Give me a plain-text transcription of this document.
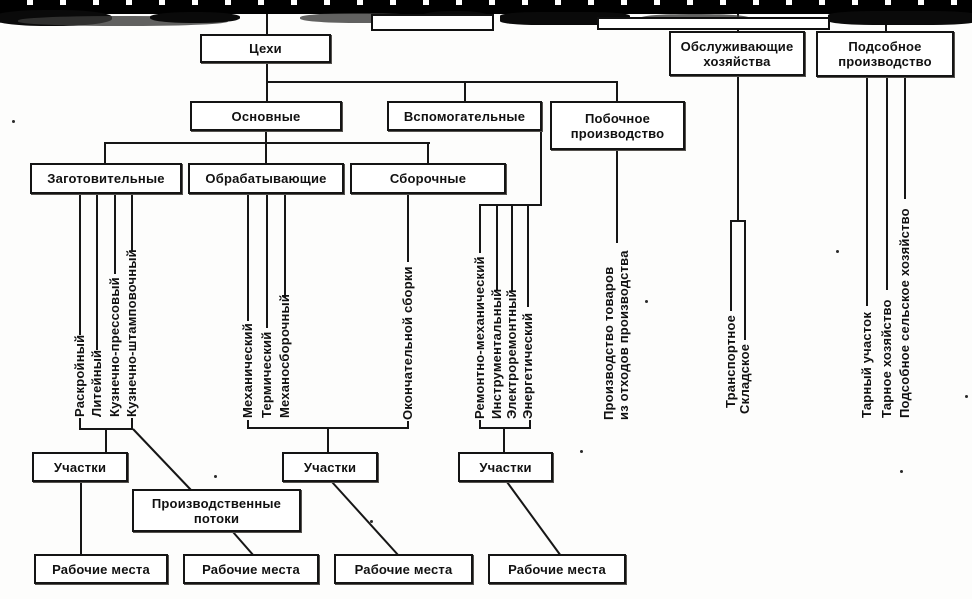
Цехи
Основные	Вспомогательные	Побочное производство
Обслуживающие хозяйства
Подсобное производство
Заготовительные	Обрабатывающие	Сборочные
Участки	Участки	Участки
Производственные потоки
Рабочие места	Рабочие места	Рабочие места	Рабочие места
Раскройный Литейный Кузнечно-прессовый Кузнечно-штамповочный	Механический Термический Механосборочный	Окончательной сборки	Ремонтно-механический Инструментальный Электроремонтный Энергетический	Производство товаров из отходов производства	Транспортное Складское	Тарный участок Тарное хозяйство Подсобное сельское хозяйство
